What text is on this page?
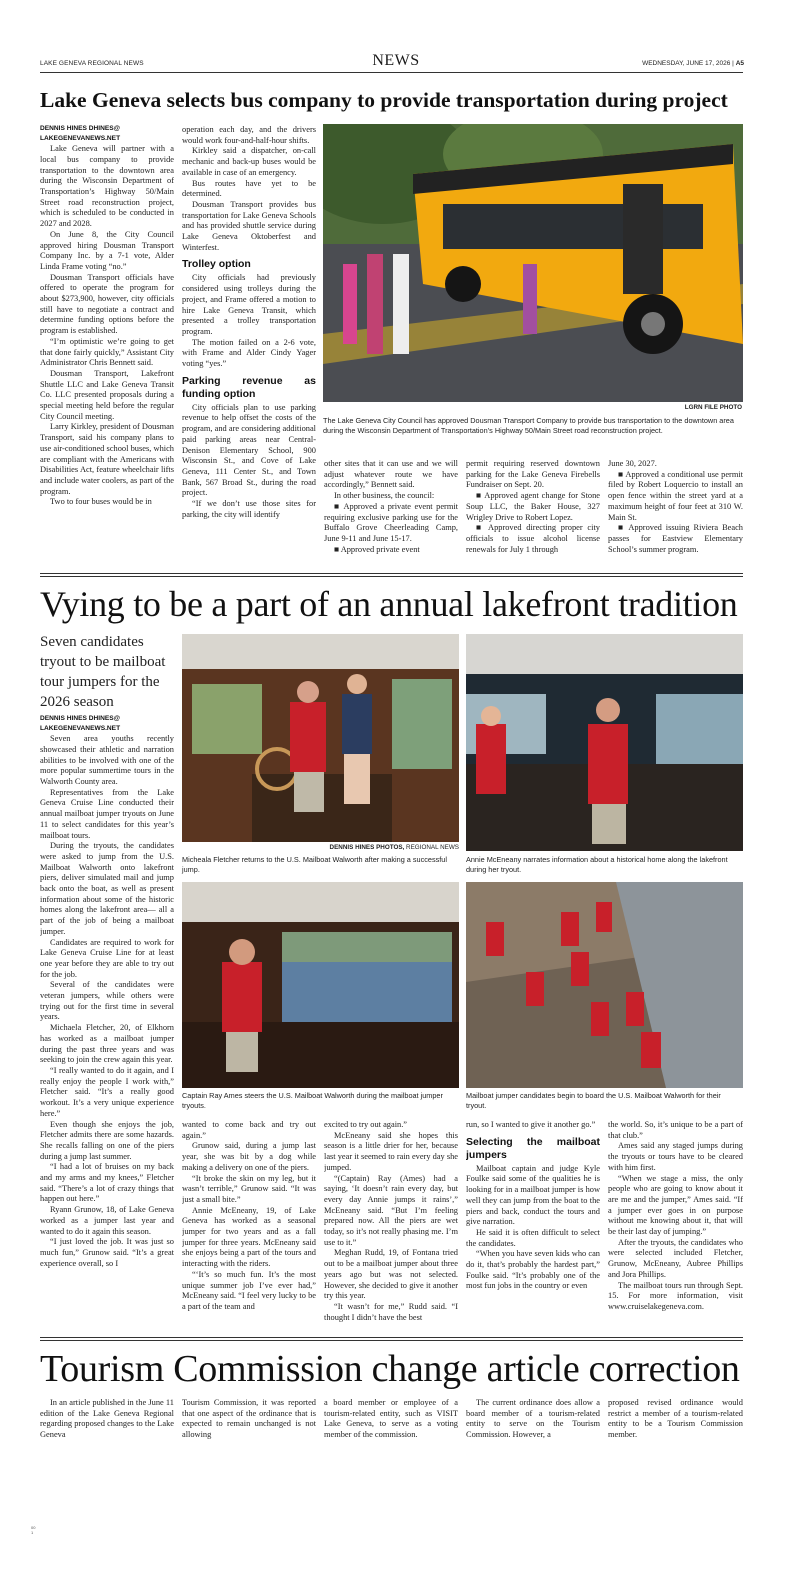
LAKE GENEVA REGIONAL NEWS	NEWS	WEDNESDAY, JUNE 17, 2026 | A5
Lake Geneva selects bus company to provide transportation during project

DENNIS HINES DHINES@

LAKEGENEVANEWS.NET

Lake Geneva will partner with a local bus company to provide transportation to the downtown area during the Wisconsin Department of Transportation’s Highway 50/Main Street road reconstruction project, which is scheduled to be conducted in 2027 and 2028.

On June 8, the City Council approved hiring Dousman Transport Company Inc. by a 7-1 vote, Alder Linda Frame voting “no.”

Dousman Transport officials have offered to operate the program for about $273,900, however, city officials still have to negotiate a contract and determine funding options before the program is established.

“I’m optimistic we’re going to get that done fairly quickly,” Assistant City Administrator Chris Bennett said.

Dousman Transport, Lakefront Shuttle LLC and Lake Geneva Transit Co. LLC presented proposals during a special meeting held before the regular City Council meeting.

Larry Kirkley, president of Dousman Transport, said his company plans to use air-conditioned school buses, which are compliant with the Americans with Disabilities Act, feature wheelchair lifts and include water coolers, as part of the program.

Two to four buses would be in

operation each day, and the drivers would work four-and-half-hour shifts.

Kirkley said a dispatcher, on-call mechanic and back-up buses would be available in case of an emergency.

Bus routes have yet to be determined.

Dousman Transport provides bus transportation for Lake Geneva Schools and has provided shuttle service during Lake Geneva Oktoberfest and Winterfest.

Trolley option

City officials had previously considered using trolleys during the project, and Frame offered a motion to hire Lake Geneva Transit, which presented a trolley transportation program.

The motion failed on a 2-6 vote, with Frame and Alder Cindy Yager voting “yes.”

Parking revenue as funding option

City officials plan to use parking revenue to help offset the costs of the program, and are considering additional paid parking areas near Central-Denison Elementary School, 900 Wisconsin St., and Cove of Lake Geneva, 111 Center St., and Town Bank, 567 Broad St., during the road project.

“If we don’t use those sites for parking, the city will identify

LGRN FILE PHOTO
The Lake Geneva City Council has approved Dousman Transport Company to provide bus transportation to the downtown area during the Wisconsin Department of Transportation’s Highway 50/Main Street road reconstruction project.

other sites that it can use and we will adjust whatever route we have accordingly,” Bennett said.

In other business, the council:

■ Approved a private event permit requiring exclusive parking use for the Buffalo Grove Cheerleading Camp, June 9-11 and June 15-17.

■ Approved private event

permit requiring reserved downtown parking for the Lake Geneva Firebells Fundraiser on Sept. 20.

■ Approved agent change for Stone Soup LLC, the Baker House, 327 Wrigley Drive to Robert Lopez.

■ Approved directing proper city officials to issue alcohol license renewals for July 1 through

June 30, 2027.

■ Approved a conditional use permit filed by Robert Loquercio to install an open fence within the street yard at a maximum height of four feet at 310 W. Main St.

■ Approved issuing Riviera Beach passes for Eastview Elementary School’s summer program.

Vying to be a part of an annual lakefront tradition
Seven candidates tryout to be mailboat tour jumpers for the 2026 season

DENNIS HINES DHINES@

LAKEGENEVANEWS.NET

Seven area youths recently showcased their athletic and narration abilities to be involved with one of the more popular summertime tours in the Walworth County area.

Representatives from the Lake Geneva Cruise Line conducted their annual mailboat jumper tryouts on June 11 to select candidates for this year’s mailboat tours.

During the tryouts, the candidates were asked to jump from the U.S. Mailboat Walworth onto lakefront piers, deliver simulated mail and jump back onto the boat, as well as present information about some of the historic homes along the lakefront area— all a part of the job of being a mailboat jumper.

Candidates are required to work for Lake Geneva Cruise Line for at least one year before they are able to try out for the job.

Several of the candidates were veteran jumpers, while others were trying out for the first time in several years.

Michaela Fletcher, 20, of Elkhorn has worked as a mailboat jumper during the past three years and was seeking to join the crew again this year.

“I really wanted to do it again, and I really enjoy the people I work with,” Fletcher said. “It’s a really good workout. It’s a very unique experience here.”

Even though she enjoys the job, Fletcher admits there are some hazards. She recalls falling on one of the piers during a jump last summer.

“I had a lot of bruises on my back and my arms and my knees,” Fletcher said. “There’s a lot of crazy things that happen out here.”

Ryann Grunow, 18, of Lake Geneva worked as a jumper last year and wanted to do it again this season.

“I just loved the job. It was just so much fun,” Grunow said. “It’s a great experience overall, so I

DENNIS HINES PHOTOS, REGIONAL NEWS
Micheala Fletcher returns to the U.S. Mailboat Walworth after making a successful jump.
Annie McEneany narrates information about a historical home along the lakefront during her tryout.
Captain Ray Ames steers the U.S. Mailboat Walworth during the mailboat jumper tryouts.
Mailboat jumper candidates begin to board the U.S. Mailboat Walworth for their tryout.

wanted to come back and try out again.”

Grunow said, during a jump last year, she was bit by a dog while making a delivery on one of the piers.

“It broke the skin on my leg, but it wasn’t terrible,” Grunow said. “It was just a small bite.”

Annie McEneany, 19, of Lake Geneva has worked as a seasonal jumper for two years and as a fall jumper for three years. McEneany said she enjoys being a part of the tours and interacting with the riders.

“‘It’s so much fun. It’s the most unique summer job I’ve ever had,” McEneany said. “I feel very lucky to be a part of the team and

excited to try out again.”

McEneany said she hopes this season is a little drier for her, because last year it seemed to rain every day she jumped.

“(Captain) Ray (Ames) had a saying, ‘It doesn’t rain every day, but every day Annie jumps it rains’,” McEneany said. “But I’m feeling prepared now. All the piers are wet today, so it’s not really phasing me. I’m use to it.”

Meghan Rudd, 19, of Fontana tried out to be a mailboat jumper about three years ago but was not selected. However, she decided to give it another try this year.

“It wasn’t for me,” Rudd said. “I thought I didn’t have the best

run, so I wanted to give it another go.”

Selecting the mailboat jumpers

Mailboat captain and judge Kyle Foulke said some of the qualities he is looking for in a mailboat jumper is how well they can jump from the boat to the piers and back, conduct the tours and give narration.

He said it is often difficult to select the candidates.

“When you have seven kids who can do it, that’s probably the hardest part,” Foulke said. “It’s probably one of the most fun jobs in the country or even

the world. So, it’s unique to be a part of that club.”

Ames said any staged jumps during the tryouts or tours have to be cleared with him first.

“When we stage a miss, the only people who are going to know about it are me and the jumper,” Ames said. “If a jumper ever goes in on purpose without me knowing about it, that will be their last day of jumping.”

After the tryouts, the candidates who were selected included Fletcher, Grunow, McEneany, Aubree Phillips and Jora Phillips.

The mailboat tours run through Sept. 15. For more information, visit www.cruiselakegeneva.com.

Tourism Commission change article correction

In an article published in the June 11 edition of the Lake Geneva Regional regarding proposed changes to the Lake Geneva

Tourism Commission, it was reported that one aspect of the ordinance that is expected to remain unchanged is not allowing

a board member or employee of a tourism-related entity, such as VISIT Lake Geneva, to serve as a voting member of the commission.

The current ordinance does allow a board member of a tourism-related entity to serve on the Tourism Commission. However, a

proposed revised ordinance would restrict a member of a tourism-related entity to be a Tourism Commission member.

00
1
